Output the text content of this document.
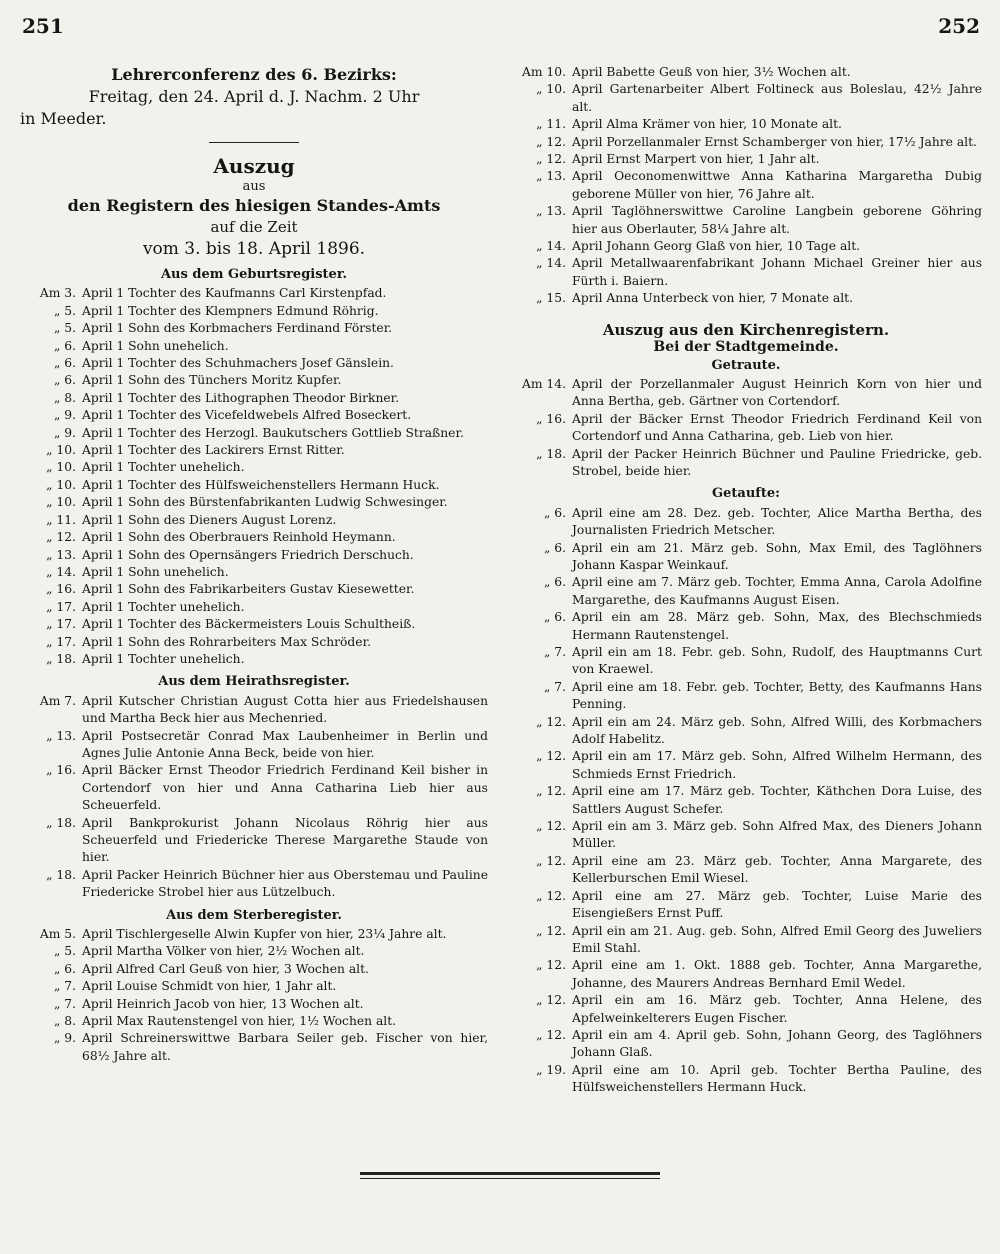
251	252
Lehrerconferenz des 6. Bezirks:
Freitag, den 24. April d. J. Nachm. 2 Uhr
in Meeder.
Auszug
aus
den Registern des hiesigen Standes-Amts
auf die Zeit
vom 3. bis 18. April 1896.
Aus dem Geburtsregister.
Am 3. April 1 Tochter des Kaufmanns Carl Kirstenpfad.
„ 5. April 1 Tochter des Klempners Edmund Röhrig.
„ 5. April 1 Sohn des Korbmachers Ferdinand Förster.
„ 6. April 1 Sohn unehelich.
„ 6. April 1 Tochter des Schuhmachers Josef Gänslein.
„ 6. April 1 Sohn des Tünchers Moritz Kupfer.
„ 8. April 1 Tochter des Lithographen Theodor Birkner.
„ 9. April 1 Tochter des Vicefeldwebels Alfred Boseckert.
„ 9. April 1 Tochter des Herzogl. Baukutschers Gottlieb Straßner.
„ 10. April 1 Tochter des Lackirers Ernst Ritter.
„ 10. April 1 Tochter unehelich.
„ 10. April 1 Tochter des Hülfsweichenstellers Hermann Huck.
„ 10. April 1 Sohn des Bürstenfabrikanten Ludwig Schwesinger.
„ 11. April 1 Sohn des Dieners August Lorenz.
„ 12. April 1 Sohn des Oberbrauers Reinhold Heymann.
„ 13. April 1 Sohn des Opernsängers Friedrich Derschuch.
„ 14. April 1 Sohn unehelich.
„ 16. April 1 Sohn des Fabrikarbeiters Gustav Kiesewetter.
„ 17. April 1 Tochter unehelich.
„ 17. April 1 Tochter des Bäckermeisters Louis Schultheiß.
„ 17. April 1 Sohn des Rohrarbeiters Max Schröder.
„ 18. April 1 Tochter unehelich.
Aus dem Heirathsregister.
Am 7. April Kutscher Christian August Cotta hier aus Friedelshausen und Martha Beck hier aus Mechenried.
„ 13. April Postsecretär Conrad Max Laubenheimer in Berlin und Agnes Julie Antonie Anna Beck, beide von hier.
„ 16. April Bäcker Ernst Theodor Friedrich Ferdinand Keil bisher in Cortendorf von hier und Anna Catharina Lieb hier aus Scheuerfeld.
„ 18. April Bankprokurist Johann Nicolaus Röhrig hier aus Scheuerfeld und Friedericke Therese Margarethe Staude von hier.
„ 18. April Packer Heinrich Büchner hier aus Oberstemau und Pauline Friedericke Strobel hier aus Lützelbuch.
Aus dem Sterberegister.
Am 5. April Tischlergeselle Alwin Kupfer von hier, 23¼ Jahre alt.
„ 5. April Martha Völker von hier, 2½ Wochen alt.
„ 6. April Alfred Carl Geuß von hier, 3 Wochen alt.
„ 7. April Louise Schmidt von hier, 1 Jahr alt.
„ 7. April Heinrich Jacob von hier, 13 Wochen alt.
„ 8. April Max Rautenstengel von hier, 1½ Wochen alt.
„ 9. April Schreinerswittwe Barbara Seiler geb. Fischer von hier, 68½ Jahre alt.
Am 10. April Babette Geuß von hier, 3½ Wochen alt.
„ 10. April Gartenarbeiter Albert Foltineck aus Boleslau, 42½ Jahre alt.
„ 11. April Alma Krämer von hier, 10 Monate alt.
„ 12. April Porzellanmaler Ernst Schamberger von hier, 17½ Jahre alt.
„ 12. April Ernst Marpert von hier, 1 Jahr alt.
„ 13. April Oeconomenwittwe Anna Katharina Margaretha Dubig geborene Müller von hier, 76 Jahre alt.
„ 13. April Taglöhnerswittwe Caroline Langbein geborene Göhring hier aus Oberlauter, 58¼ Jahre alt.
„ 14. April Johann Georg Glaß von hier, 10 Tage alt.
„ 14. April Metallwaarenfabrikant Johann Michael Greiner hier aus Fürth i. Baiern.
„ 15. April Anna Unterbeck von hier, 7 Monate alt.
Auszug aus den Kirchenregistern.
Bei der Stadtgemeinde.
Getraute.
Am 14. April der Porzellanmaler August Heinrich Korn von hier und Anna Bertha, geb. Gärtner von Cortendorf.
„ 16. April der Bäcker Ernst Theodor Friedrich Ferdinand Keil von Cortendorf und Anna Catharina, geb. Lieb von hier.
„ 18. April der Packer Heinrich Büchner und Pauline Friedricke, geb. Strobel, beide hier.
Getaufte:
„ 6. April eine am 28. Dez. geb. Tochter, Alice Martha Bertha, des Journalisten Friedrich Metscher.
„ 6. April ein am 21. März geb. Sohn, Max Emil, des Taglöhners Johann Kaspar Weinkauf.
„ 6. April eine am 7. März geb. Tochter, Emma Anna, Carola Adolfine Margarethe, des Kaufmanns August Eisen.
„ 6. April ein am 28. März geb. Sohn, Max, des Blechschmieds Hermann Rautenstengel.
„ 7. April ein am 18. Febr. geb. Sohn, Rudolf, des Hauptmanns Curt von Kraewel.
„ 7. April eine am 18. Febr. geb. Tochter, Betty, des Kaufmanns Hans Penning.
„ 12. April ein am 24. März geb. Sohn, Alfred Willi, des Korbmachers Adolf Habelitz.
„ 12. April ein am 17. März geb. Sohn, Alfred Wilhelm Hermann, des Schmieds Ernst Friedrich.
„ 12. April eine am 17. März geb. Tochter, Käthchen Dora Luise, des Sattlers August Schefer.
„ 12. April ein am 3. März geb. Sohn Alfred Max, des Dieners Johann Müller.
„ 12. April eine am 23. März geb. Tochter, Anna Margarete, des Kellerburschen Emil Wiesel.
„ 12. April eine am 27. März geb. Tochter, Luise Marie des Eisengießers Ernst Puff.
„ 12. April ein am 21. Aug. geb. Sohn, Alfred Emil Georg des Juweliers Emil Stahl.
„ 12. April eine am 1. Okt. 1888 geb. Tochter, Anna Margarethe, Johanne, des Maurers Andreas Bernhard Emil Wedel.
„ 12. April ein am 16. März geb. Tochter, Anna Helene, des Apfelweinkelterers Eugen Fischer.
„ 12. April ein am 4. April geb. Sohn, Johann Georg, des Taglöhners Johann Glaß.
„ 19. April eine am 10. April geb. Tochter Bertha Pauline, des Hülfsweichenstellers Hermann Huck.
